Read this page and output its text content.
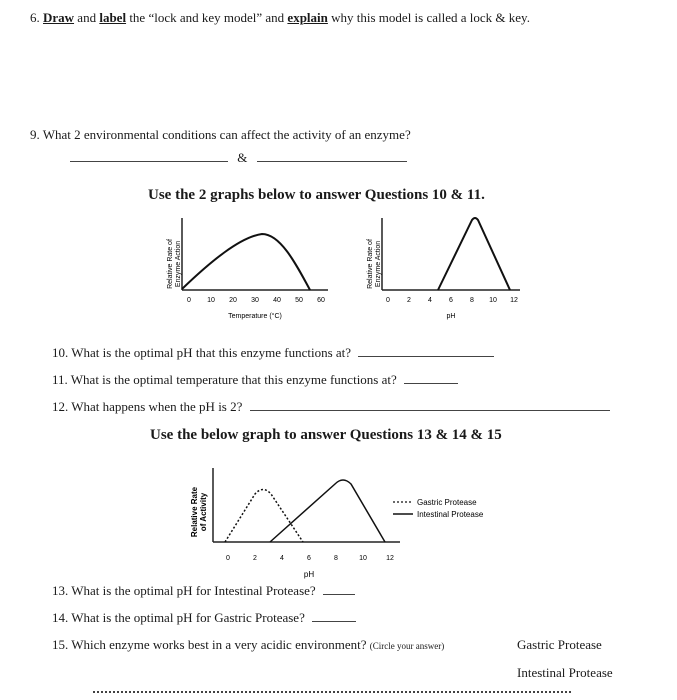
6. Draw and label the “lock and key model” and explain why this model is called a lock & key.
9. What 2 environmental conditions can affect the activity of an enzyme?
&
Use the 2 graphs below to answer Questions 10 & 11.
Relative Rate of Enzyme Action
0 10 20 30 40 50 60
Temperature (°C)
Relative Rate of Enzyme Action
0 2 4 6 8 10 12
pH
10. What is the optimal pH that this enzyme functions at?
11. What is the optimal temperature that this enzyme functions at?
12. What happens when the pH is 2?
Use the below graph to answer Questions 13 & 14 & 15
Relative Rate of Activity
0	2	4	6	8	10	12
pH
Gastric Protease
Intestinal Protease
13. What is the optimal pH for Intestinal Protease?
14. What is the optimal pH for Gastric Protease?
15. Which enzyme works best in a very acidic environment? (Circle your answer)	Gastric Protease
Intestinal Protease
